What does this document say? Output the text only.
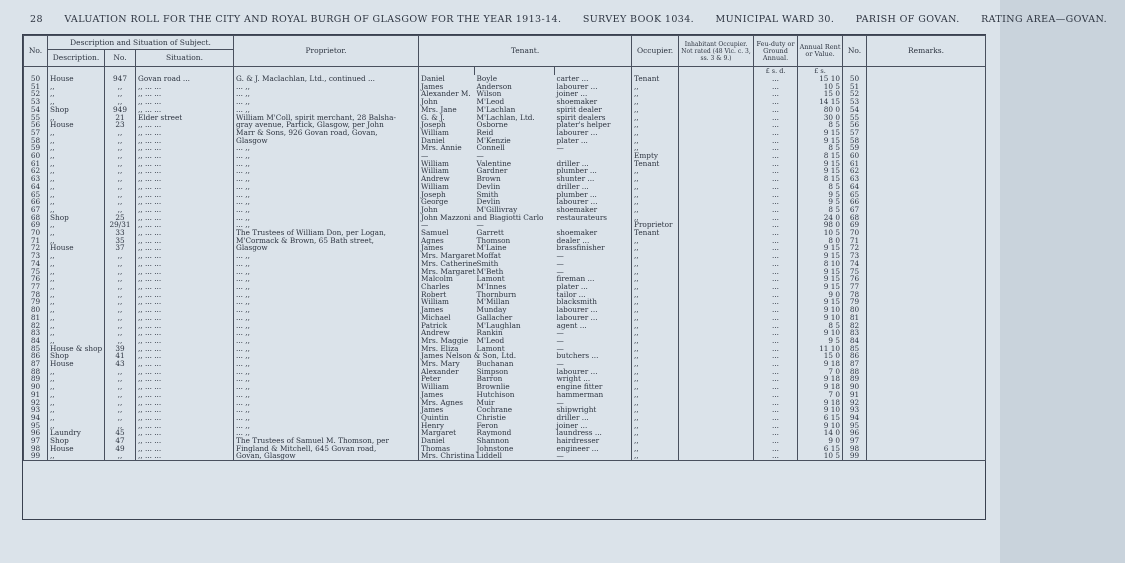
28 VALUATION ROLL FOR THE CITY AND ROYAL BURGH OF GLASGOW FOR THE YEAR 1913-14. SURVEY BOOK 1034. MUNICIPAL WARD 30. PARISH OF GOVAN. RATING AREA—GOVAN.
No.	Description and Situation of Subject.			Proprietor.	Tenant.			Occupier.	Inhabitant Occupier. Not rated (48 Vic. c. 3, ss. 3 & 9.)	Feu-duty or Ground Annual.	Annual Rent or Value.	No.	Remarks.
	Description.	No.	Situation.										
										£ s. d.	£ s.		
50	House	947	Govan road ...	G. & J. Maclachlan, Ltd., continued ...	Daniel	Boyle	carter ...	Tenant		...	15 10	50	
51	,,	,,	,, ... ...	... ,,	James	Anderson	labourer ...	,,		...	10 5	51	
52	,,	,,	,, ... ...	... ,,	Alexander M.	Wilson	joiner ...	,,		...	15 0	52	
53	,,	,,	,, ... ...	... ,,	John	M'Leod	shoemaker	,,		...	14 15	53	
54	Shop	949	,, ... ...	... ,,	Mrs. Jane	M'Lachlan	spirit dealer	,,		...	80 0	54	
55	,,	21	Elder street	William M'Coll, spirit merchant, 28 Balsha-	G. & J.	M'Lachlan, Ltd.	spirit dealers	,,		...	30 0	55	
56	House	23	,, ... ...	gray avenue, Partick, Glasgow, per John	Joseph	Osborne	plater's helper	,,		...	8 5	56	
57	,,	,,	,, ... ...	Marr & Sons, 926 Govan road, Govan,	William	Reid	labourer ...	,,		...	9 15	57	
58	,,	,,	,, ... ...	Glasgow	Daniel	M'Kenzie	plater ...	,,		...	9 15	58	
59	,,	,,	,, ... ...	... ,,	Mrs. Annie	Connell	—	,,		...	8 5	59	
60	,,	,,	,, ... ...	... ,,	—	—		Empty		...	8 15	60	
61	,,	,,	,, ... ...	... ,,	William	Valentine	driller ...	Tenant		...	9 15	61	
62	,,	,,	,, ... ...	... ,,	William	Gardner	plumber ...	,,		...	9 15	62	
63	,,	,,	,, ... ...	... ,,	Andrew	Brown	shunter ...	,,		...	8 15	63	
64	,,	,,	,, ... ...	... ,,	William	Devlin	driller ...	,,		...	8 5	64	
65	,,	,,	,, ... ...	... ,,	Joseph	Smith	plumber ...	,,		...	9 5	65	
66	,,	,,	,, ... ...	... ,,	George	Devlin	labourer ...	,,		...	9 5	66	
67	,,	,,	,, ... ...	... ,,	John	M'Gillivray	shoemaker	,,		...	8 5	67	
68	Shop	25	,, ... ...	... ,,	John Mazzoni and Biagiotti Carlo		restaurateurs	,,		...	24 0	68	
69	,,	29/31	,, ... ...	... ,,	—	—		Proprietor		...	98 0	69	
70	,,	33	,, ... ...	The Trustees of William Don, per Logan,	Samuel	Garrett	shoemaker	Tenant		...	10 5	70	
71	,,	35	,, ... ...	M'Cormack & Brown, 65 Bath street,	Agnes	Thomson	dealer ...	,,		...	8 0	71	
72	House	37	,, ... ...	Glasgow	James	M'Laine	brassfinisher	,,		...	9 15	72	
73	,,	,,	,, ... ...	... ,,	Mrs. Margaret	Moffat	—	,,		...	9 15	73	
74	,,	,,	,, ... ...	... ,,	Mrs. Catherine	Smith	—	,,		...	8 10	74	
75	,,	,,	,, ... ...	... ,,	Mrs. Margaret	M'Beth	—	,,		...	9 15	75	
76	,,	,,	,, ... ...	... ,,	Malcolm	Lamont	fireman ...	,,		...	9 15	76	
77	,,	,,	,, ... ...	... ,,	Charles	M'Innes	plater ...	,,		...	9 15	77	
78	,,	,,	,, ... ...	... ,,	Robert	Thornburn	tailor ...	,,		...	9 0	78	
79	,,	,,	,, ... ...	... ,,	William	M'Millan	blacksmith	,,		...	9 15	79	
80	,,	,,	,, ... ...	... ,,	James	Munday	labourer ...	,,		...	9 10	80	
81	,,	,,	,, ... ...	... ,,	Michael	Gallacher	labourer ...	,,		...	9 10	81	
82	,,	,,	,, ... ...	... ,,	Patrick	M'Laughlan	agent ...	,,		...	8 5	82	
83	,,	,,	,, ... ...	... ,,	Andrew	Rankin	—	,,		...	9 10	83	
84	,,	,,	,, ... ...	... ,,	Mrs. Maggie	M'Leod	—	,,		...	9 5	84	
85	House & shop	39	,, ... ...	... ,,	Mrs. Eliza	Lamont	—	,,		...	11 10	85	
86	Shop	41	,, ... ...	... ,,	James Nelson & Son, Ltd.		butchers ...	,,		...	15 0	86	
87	House	43	,, ... ...	... ,,	Mrs. Mary	Buchanan	—	,,		...	9 18	87	
88	,,	,,	,, ... ...	... ,,	Alexander	Simpson	labourer ...	,,		...	7 0	88	
89	,,	,,	,, ... ...	... ,,	Peter	Barron	wright ...	,,		...	9 18	89	
90	,,	,,	,, ... ...	... ,,	William	Brownlie	engine fitter	,,		...	9 18	90	
91	,,	,,	,, ... ...	... ,,	James	Hutchison	hammerman	,,		...	7 0	91	
92	,,	,,	,, ... ...	... ,,	Mrs. Agnes	Muir	—	,,		...	9 18	92	
93	,,	,,	,, ... ...	... ,,	James	Cochrane	shipwright	,,		...	9 10	93	
94	,,	,,	,, ... ...	... ,,	Quintin	Christie	driller ...	,,		...	6 15	94	
95	,,	,,	,, ... ...	... ,,	Henry	Feron	joiner ...	,,		...	9 10	95	
96	Laundry	45	,, ... ...	... ,,	Margaret	Raymond	laundress ...	,,		...	14 0	96	
97	Shop	47	,, ... ...	The Trustees of Samuel M. Thomson, per	Daniel	Shannon	hairdresser	,,		...	9 0	97	
98	House	49	,, ... ...	Fingland & Mitchell, 645 Govan road,	Thomas	Johnstone	engineer ...	,,		...	6 15	98	
99	,,	,,	,, ... ...	Govan, Glasgow	Mrs. Christina	Liddell	—	,,		...	10 5	99	
